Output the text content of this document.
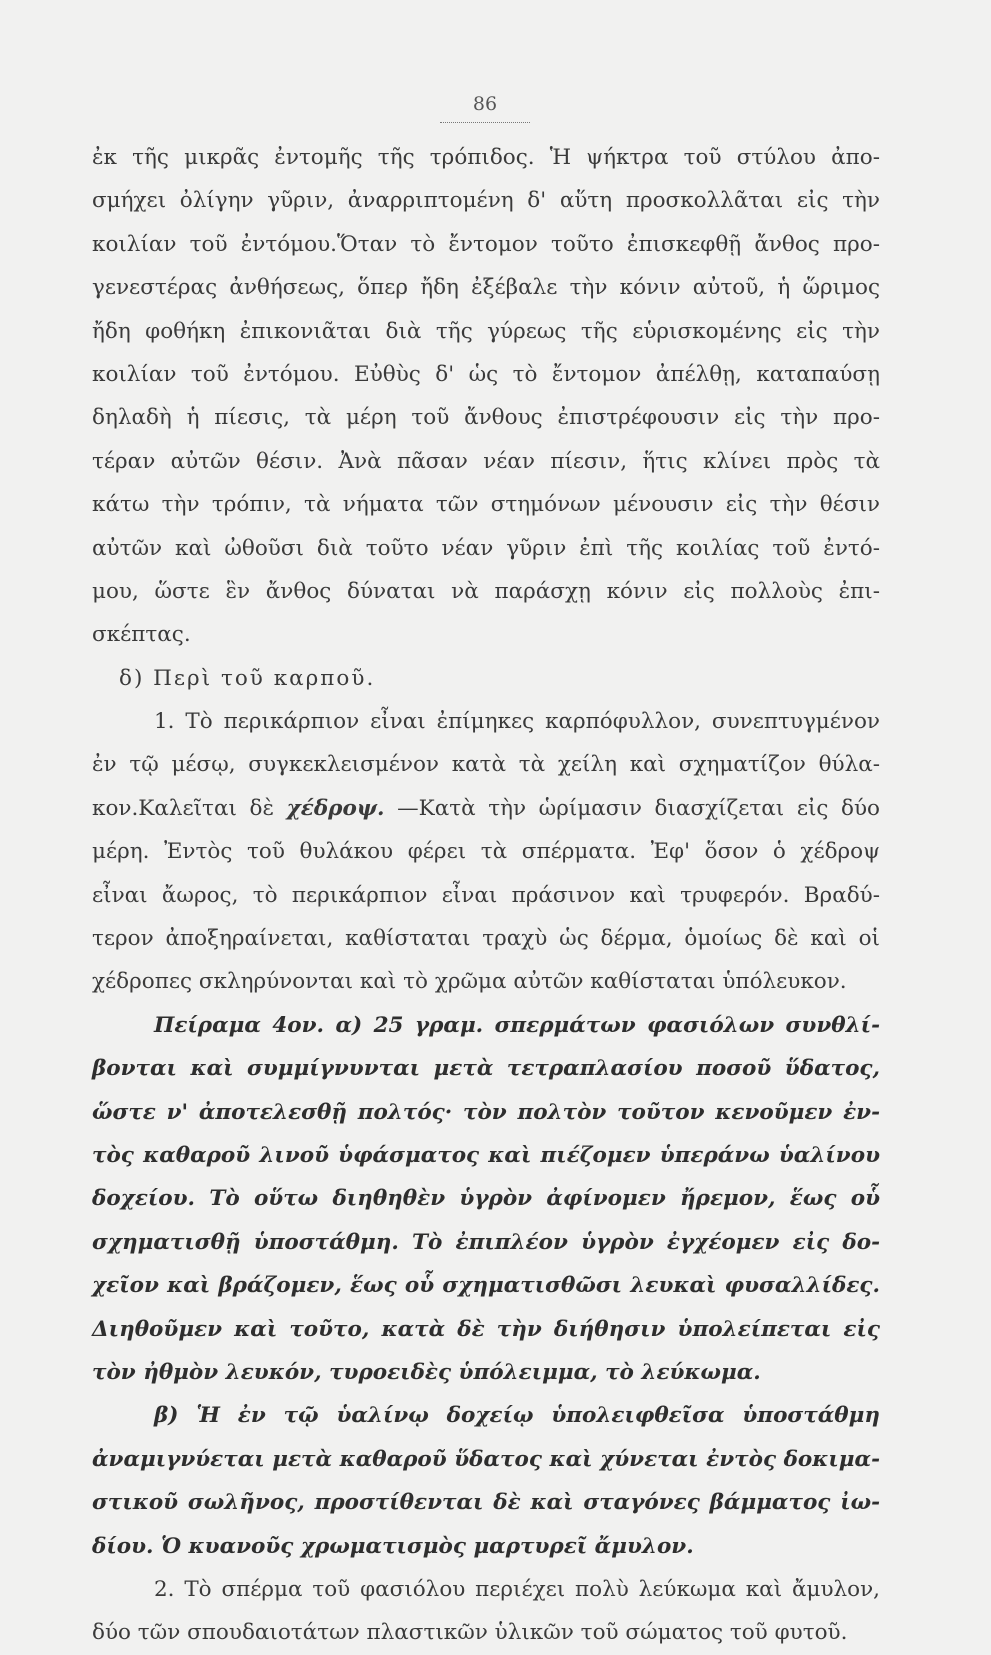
86
ἐκ τῆς μικρᾶς ἐντομῆς τῆς τρόπιδος. Ἡ ψήκτρα τοῦ στύλου ἀπο-
σμήχει ὀλίγην γῦριν, ἀναρριπτομένη δ' αὕτη προσκολλᾶται εἰς τὴν
κοιλίαν τοῦ ἐντόμου.Ὅταν τὸ ἔντομον τοῦτο ἐπισκεφθῇ ἄνθος προ-
γενεστέρας ἀνθήσεως, ὅπερ ἤδη ἐξέβαλε τὴν κόνιν αὐτοῦ, ἡ ὥριμος
ἤδη φοθήκη ἐπικονιᾶται διὰ τῆς γύρεως τῆς εὑρισκομένης εἰς τὴν
κοιλίαν τοῦ ἐντόμου. Εὐθὺς δ' ὡς τὸ ἔντομον ἀπέλθῃ, καταπαύσῃ
δηλαδὴ ἡ πίεσις, τὰ μέρη τοῦ ἄνθους ἐπιστρέφουσιν εἰς τὴν προ-
τέραν αὐτῶν θέσιν. Ἀνὰ πᾶσαν νέαν πίεσιν, ἥτις κλίνει πρὸς τὰ
κάτω τὴν τρόπιν, τὰ νήματα τῶν στημόνων μένουσιν εἰς τὴν θέσιν
αὐτῶν καὶ ὠθοῦσι διὰ τοῦτο νέαν γῦριν ἐπὶ τῆς κοιλίας τοῦ ἐντό-
μου, ὥστε ἓν ἄνθος δύναται νὰ παράσχῃ κόνιν εἰς πολλοὺς ἐπι-
σκέπτας.
δ) Περὶ τοῦ καρποῦ.
1. Τὸ περικάρπιον εἶναι ἐπίμηκες καρπόφυλλον, συνεπτυγμένον
ἐν τῷ μέσῳ, συγκεκλεισμένον κατὰ τὰ χείλη καὶ σχηματίζον θύλα-
κον.Καλεῖται δὲ χέδροψ. —Κατὰ τὴν ὡρίμασιν διασχίζεται εἰς δύο
μέρη. Ἐντὸς τοῦ θυλάκου φέρει τὰ σπέρματα. Ἐφ' ὅσον ὁ χέδροψ
εἶναι ἄωρος, τὸ περικάρπιον εἶναι πράσινον καὶ τρυφερόν. Βραδύ-
τερον ἀποξηραίνεται, καθίσταται τραχὺ ὡς δέρμα, ὁμοίως δὲ καὶ οἱ
χέδροπες σκληρύνονται καὶ τὸ χρῶμα αὐτῶν καθίσταται ὑπόλευκον.
Πείραμα 4ον. α) 25 γραμ. σπερμάτων φασιόλων συνθλί-
βονται καὶ συμμίγνυνται μετὰ τετραπλασίου ποσοῦ ὕδατος,
ὥστε ν' ἀποτελεσθῇ πολτός· τὸν πολτὸν τοῦτον κενοῦμεν ἐν-
τὸς καθαροῦ λινοῦ ὑφάσματος καὶ πιέζομεν ὑπεράνω ὑαλίνου
δοχείου. Τὸ οὕτω διηθηθὲν ὑγρὸν ἀφίνομεν ἤρεμον, ἕως οὗ
σχηματισθῇ ὑποστάθμη. Τὸ ἐπιπλέον ὑγρὸν ἐγχέομεν εἰς δο-
χεῖον καὶ βράζομεν, ἕως οὗ σχηματισθῶσι λευκαὶ φυσαλλίδες.
Διηθοῦμεν καὶ τοῦτο, κατὰ δὲ τὴν διήθησιν ὑπολείπεται εἰς
τὸν ἠθμὸν λευκόν, τυροειδὲς ὑπόλειμμα, τὸ λεύκωμα.
β) Ἡ ἐν τῷ ὑαλίνῳ δοχείῳ ὑπολειφθεῖσα ὑποστάθμη
ἀναμιγνύεται μετὰ καθαροῦ ὕδατος καὶ χύνεται ἐντὸς δοκιμα-
στικοῦ σωλῆνος, προστίθενται δὲ καὶ σταγόνες βάμματος ἰω-
δίου. Ὁ κυανοῦς χρωματισμὸς μαρτυρεῖ ἄμυλον.
2. Τὸ σπέρμα τοῦ φασιόλου περιέχει πολὺ λεύκωμα καὶ ἄμυλον,
δύο τῶν σπουδαιοτάτων πλαστικῶν ὑλικῶν τοῦ σώματος τοῦ φυτοῦ.
